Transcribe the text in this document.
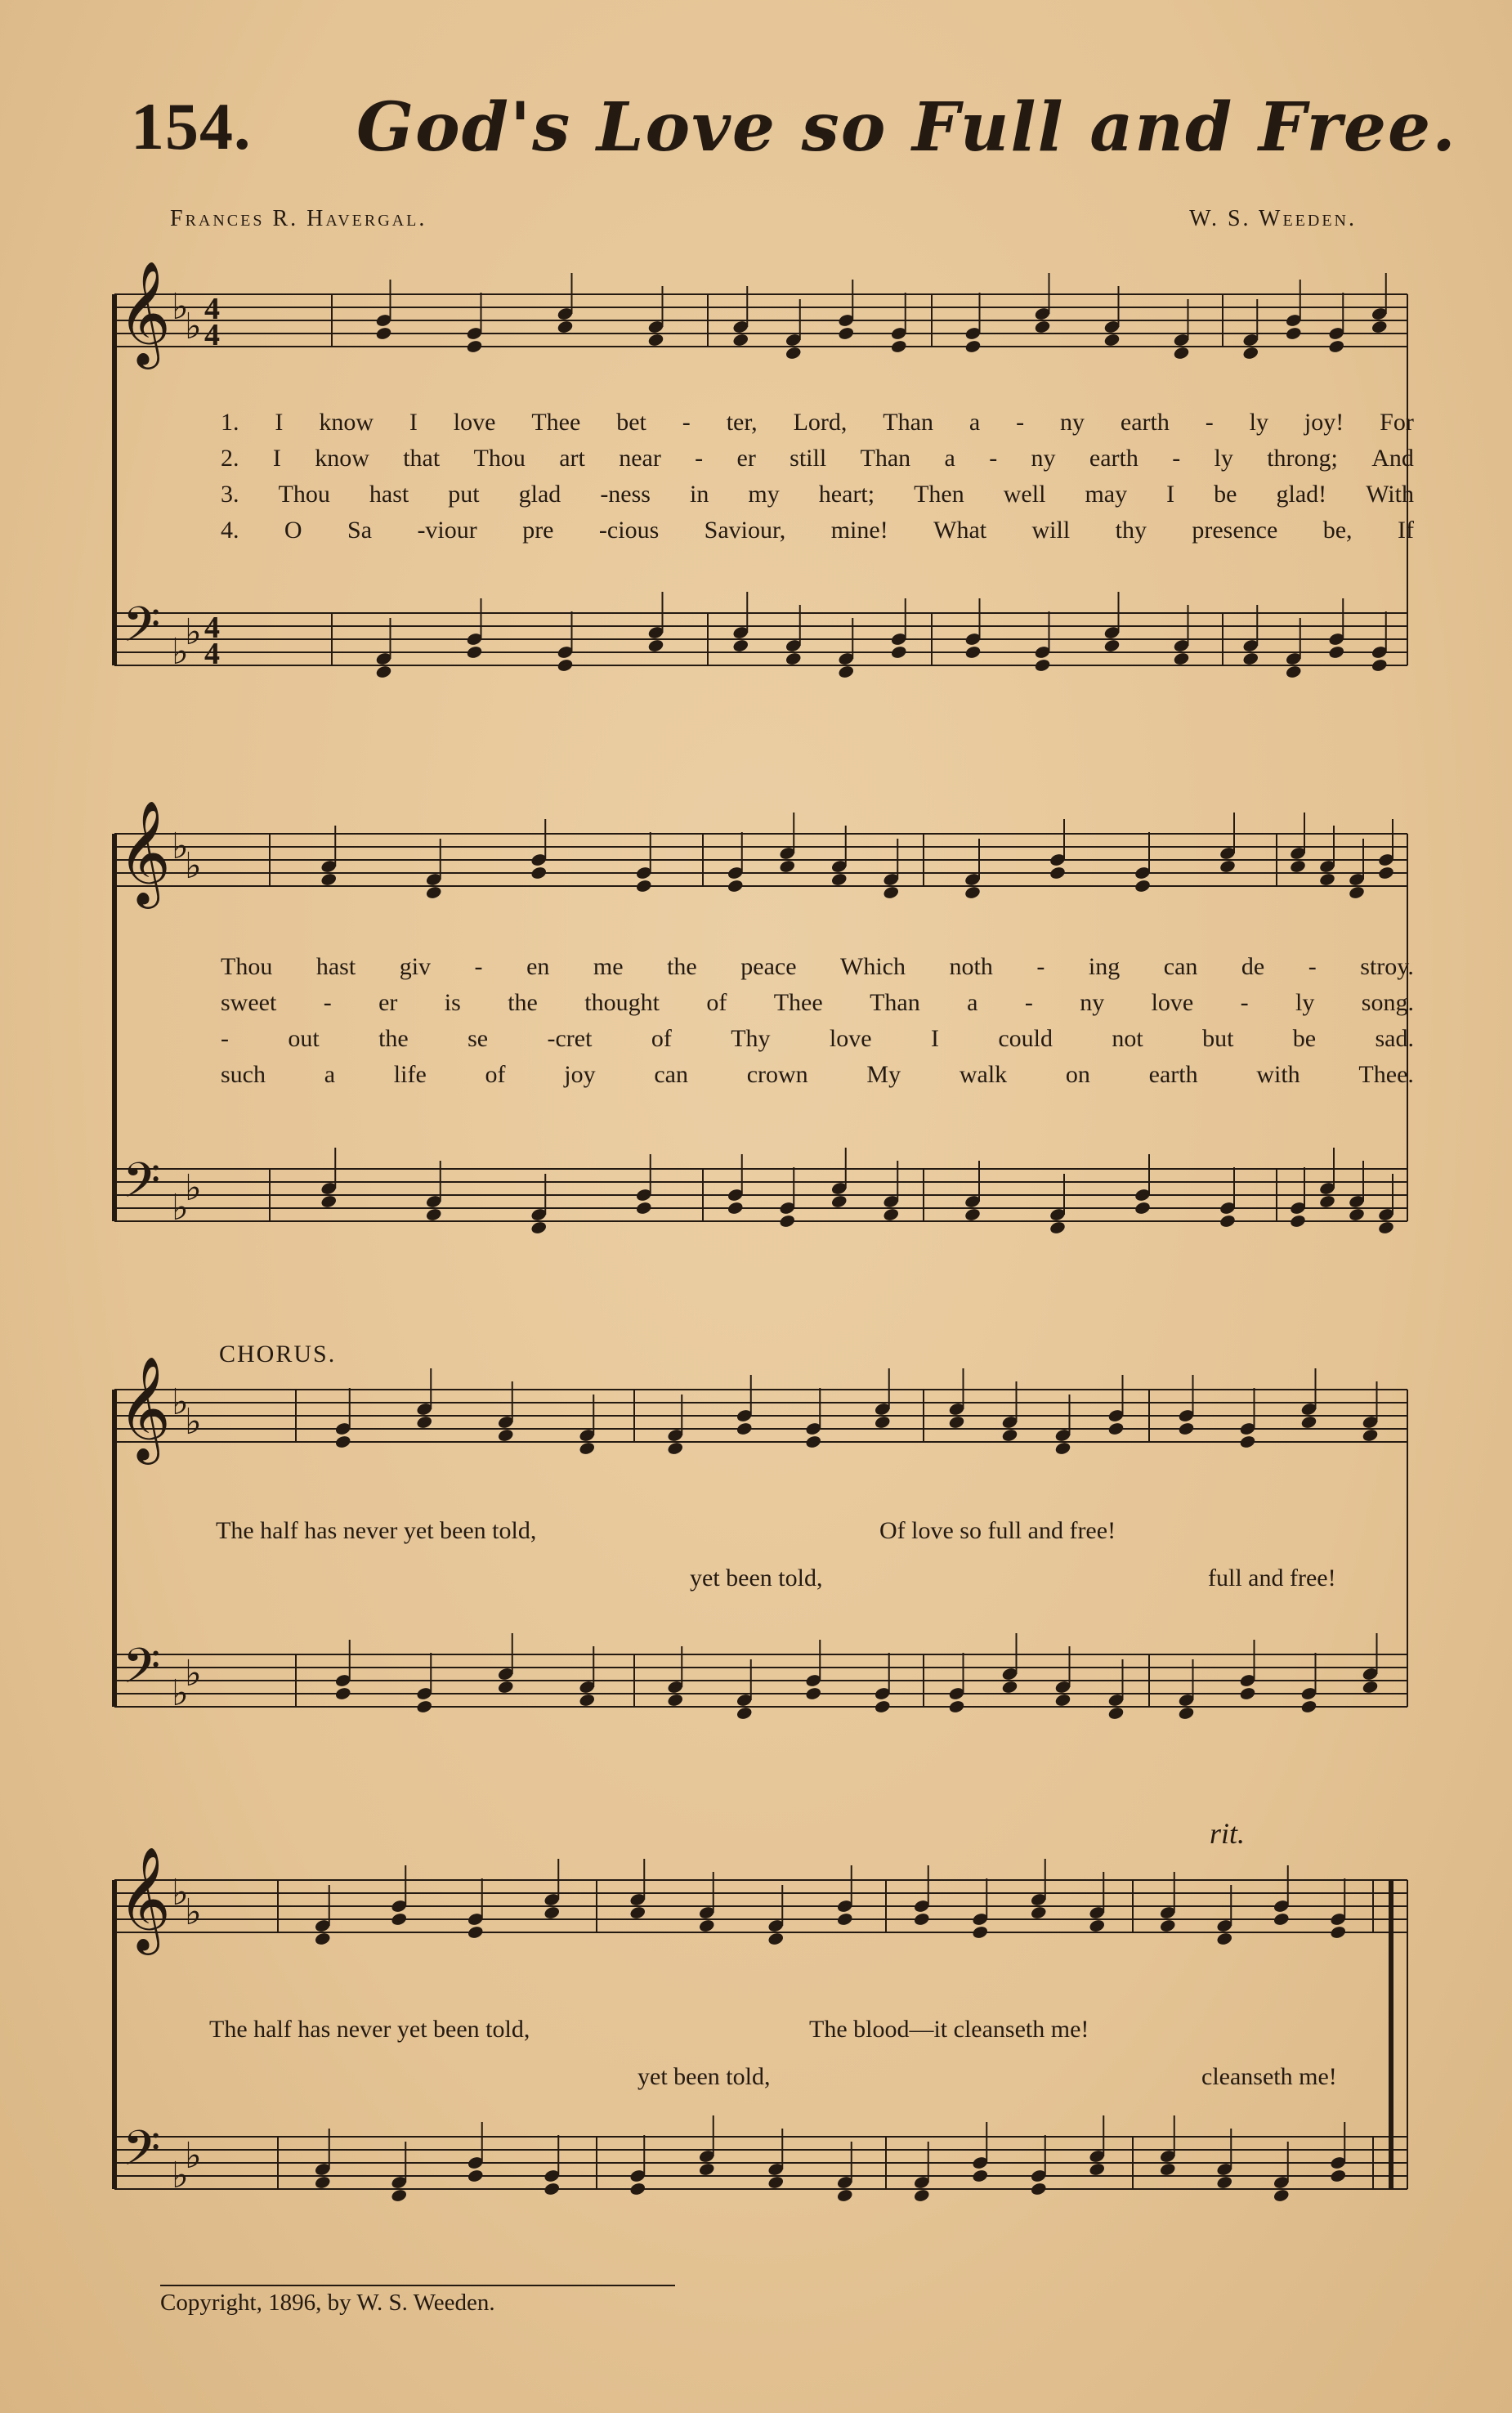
154. God's Love so Full and Free.
Frances R. Havergal.	W. S. Weeden.
𝄞
𝄢
♭
♭
♭
♭
4
4
4
4
𝄞
𝄢
♭
♭
♭
♭
𝄞
𝄢
♭
♭
♭
♭
𝄞
𝄢
♭
♭
♭
♭
1. I know I love Thee bet - ter, Lord, Than a - ny earth - ly joy! For
2. I know that Thou art near - er still Than a - ny earth - ly throng; And
3. Thou hast put glad -ness in my heart; Then well may I be glad! With
4. O Sa -viour pre -cious Saviour, mine! What will thy presence be, If
Thou hast giv - en me the peace Which noth - ing can de - stroy.
sweet - er is the thought of Thee Than a - ny love - ly song.
- out the se -cret of Thy love I could not but be sad.
such a life of joy can crown My walk on earth with Thee.
CHORUS.
The half has never yet been told,	Of love so full and free!
yet been told,	full and free!
rit.
The half has never yet been told,	The blood—it cleanseth me!
yet been told,	cleanseth me!
Copyright, 1896, by W. S. Weeden.
